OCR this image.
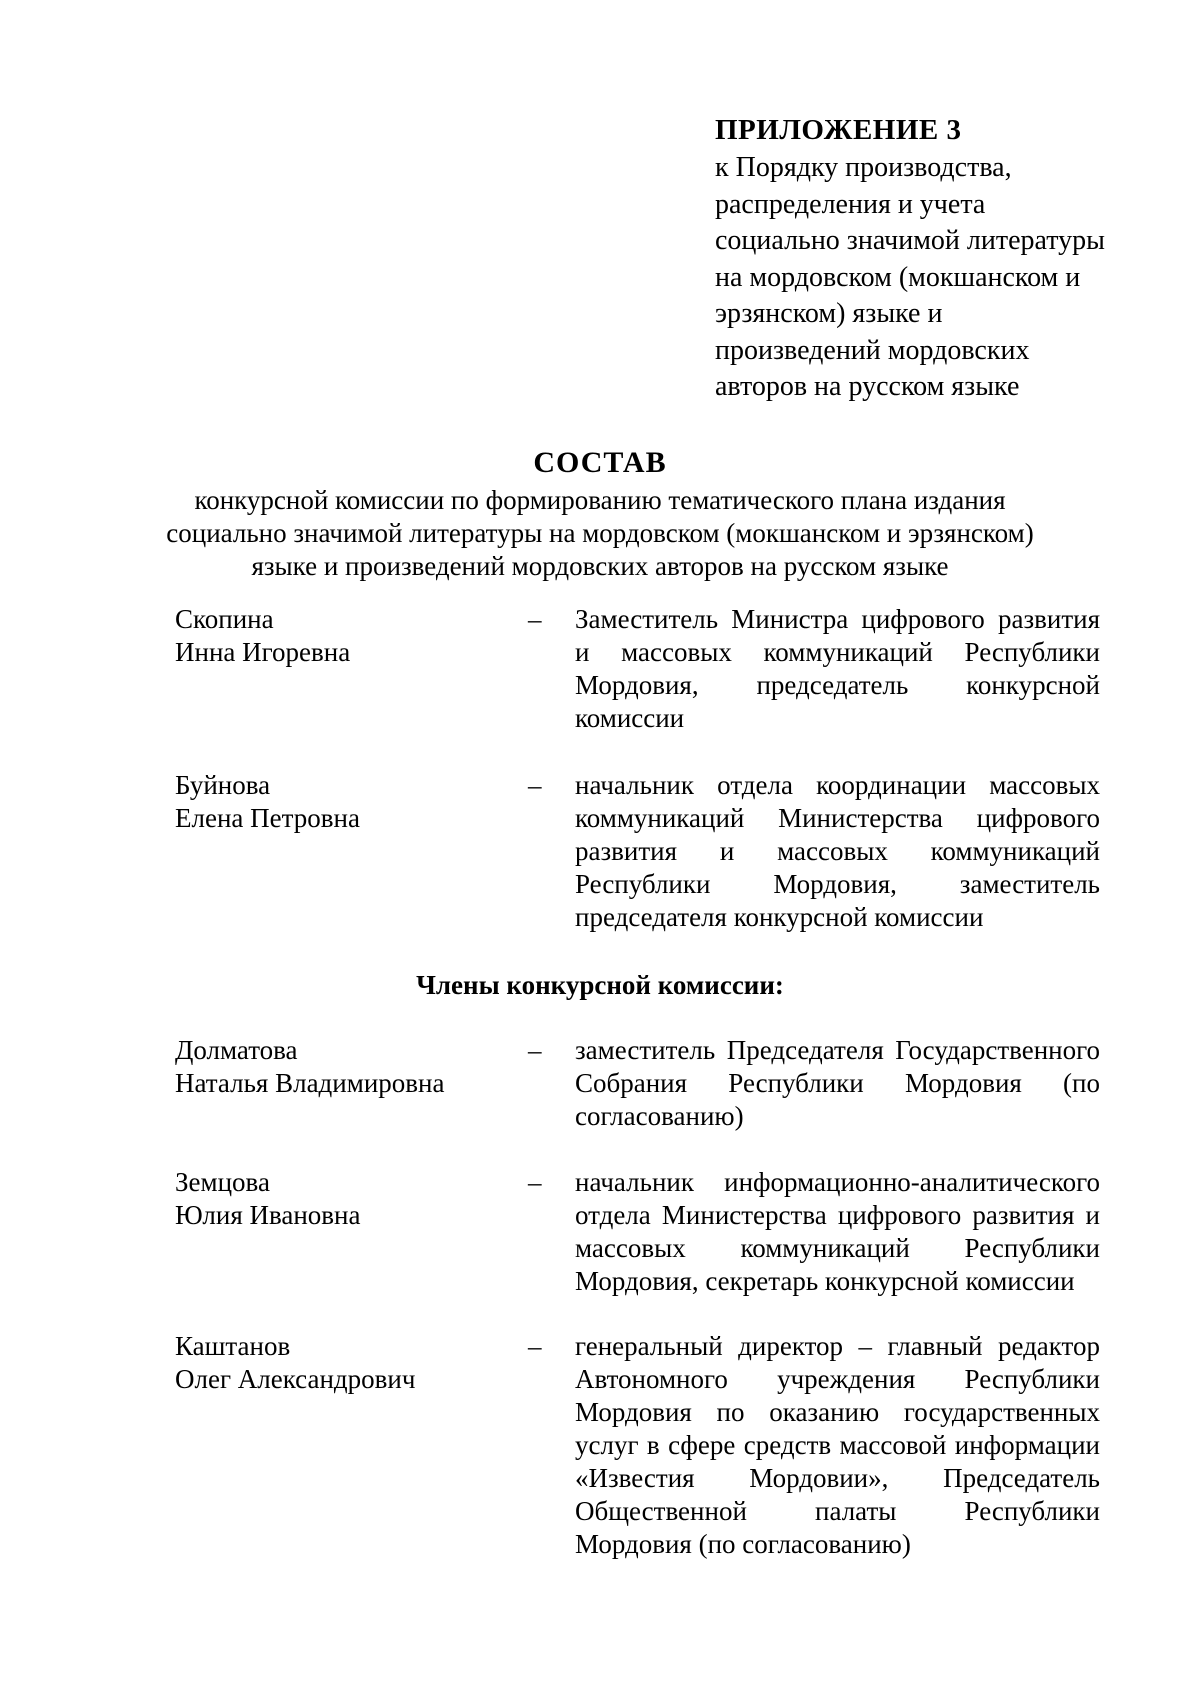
ПРИЛОЖЕНИЕ 3
к Порядку производства,
распределения и учета
социально значимой литературы
на мордовском (мокшанском и
эрзянском) языке и
произведений мордовских
авторов на русском языке
СОСТАВ
конкурсной комиссии по формированию тематического плана издания
социально значимой литературы на мордовском (мокшанском и эрзянском)
языке и произведений мордовских авторов на русском языке
Скопина
Инна Игоревна
– Заместитель Министра цифрового развития и массовых коммуникаций Республики Мордовия, председатель конкурсной комиссии
Буйнова
Елена Петровна
– начальник отдела координации массовых коммуникаций Министерства цифрового развития и массовых коммуникаций Республики Мордовия, заместитель председателя конкурсной комиссии
Члены конкурсной комиссии:
Долматова
Наталья Владимировна
– заместитель Председателя Государственного Собрания Республики Мордовия (по согласованию)
Земцова
Юлия Ивановна
– начальник информационно-аналитического отдела Министерства цифрового развития и массовых коммуникаций Республики Мордовия, секретарь конкурсной комиссии
Каштанов
Олег Александрович
– генеральный директор – главный редактор Автономного учреждения Республики Мордовия по оказанию государственных услуг в сфере средств массовой информации «Известия Мордовии», Председатель Общественной палаты Республики Мордовия (по согласованию)
